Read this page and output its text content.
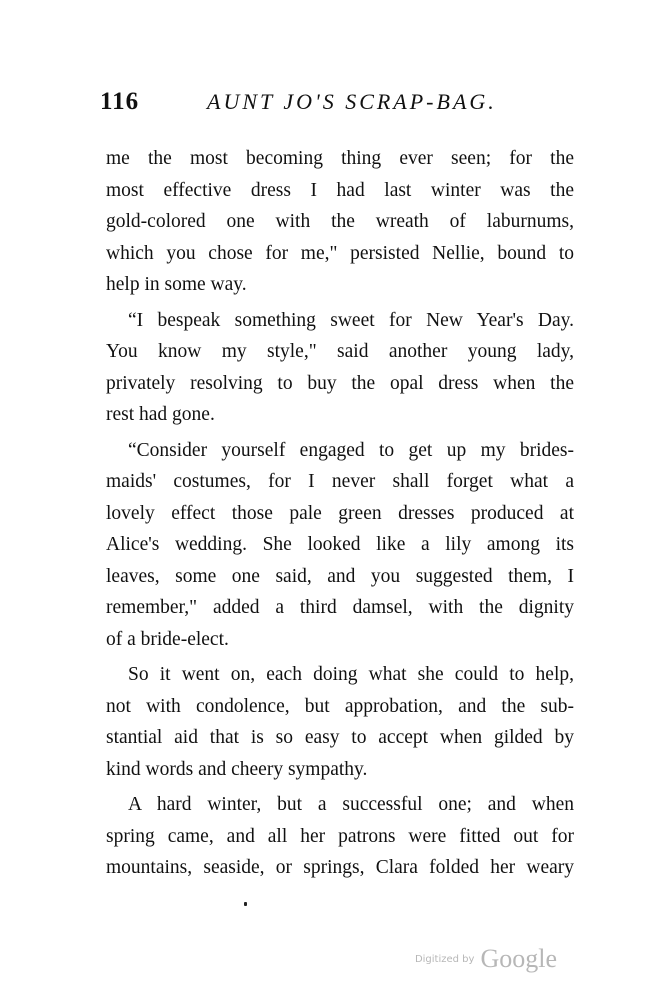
116	AUNT JO'S SCRAP-BAG.
me the most becoming thing ever seen; for the
most effective dress I had last winter was the
gold-colored one with the wreath of laburnums,
which you chose for me," persisted Nellie, bound to
help in some way.
“I bespeak something sweet for New Year's Day.
You know my style," said another young lady,
privately resolving to buy the opal dress when the
rest had gone.
“Consider yourself engaged to get up my brides-
maids' costumes, for I never shall forget what a
lovely effect those pale green dresses produced at
Alice's wedding. She looked like a lily among its
leaves, some one said, and you suggested them, I
remember," added a third damsel, with the dignity
of a bride-elect.
So it went on, each doing what she could to help,
not with condolence, but approbation, and the sub-
stantial aid that is so easy to accept when gilded by
kind words and cheery sympathy.
A hard winter, but a successful one; and when
spring came, and all her patrons were fitted out for
mountains, seaside, or springs, Clara folded her weary
Digitized by Google
